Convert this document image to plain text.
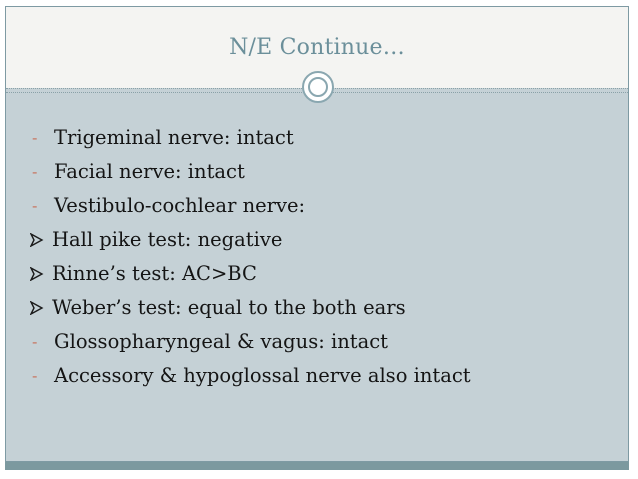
N/E Continue…
- Trigeminal nerve: intact
- Facial nerve: intact
- Vestibulo-cochlear nerve:
Hall pike test: negative
Rinne’s test: AC>BC
Weber’s test: equal to the both ears
- Glossopharyngeal & vagus: intact
- Accessory & hypoglossal nerve also intact
